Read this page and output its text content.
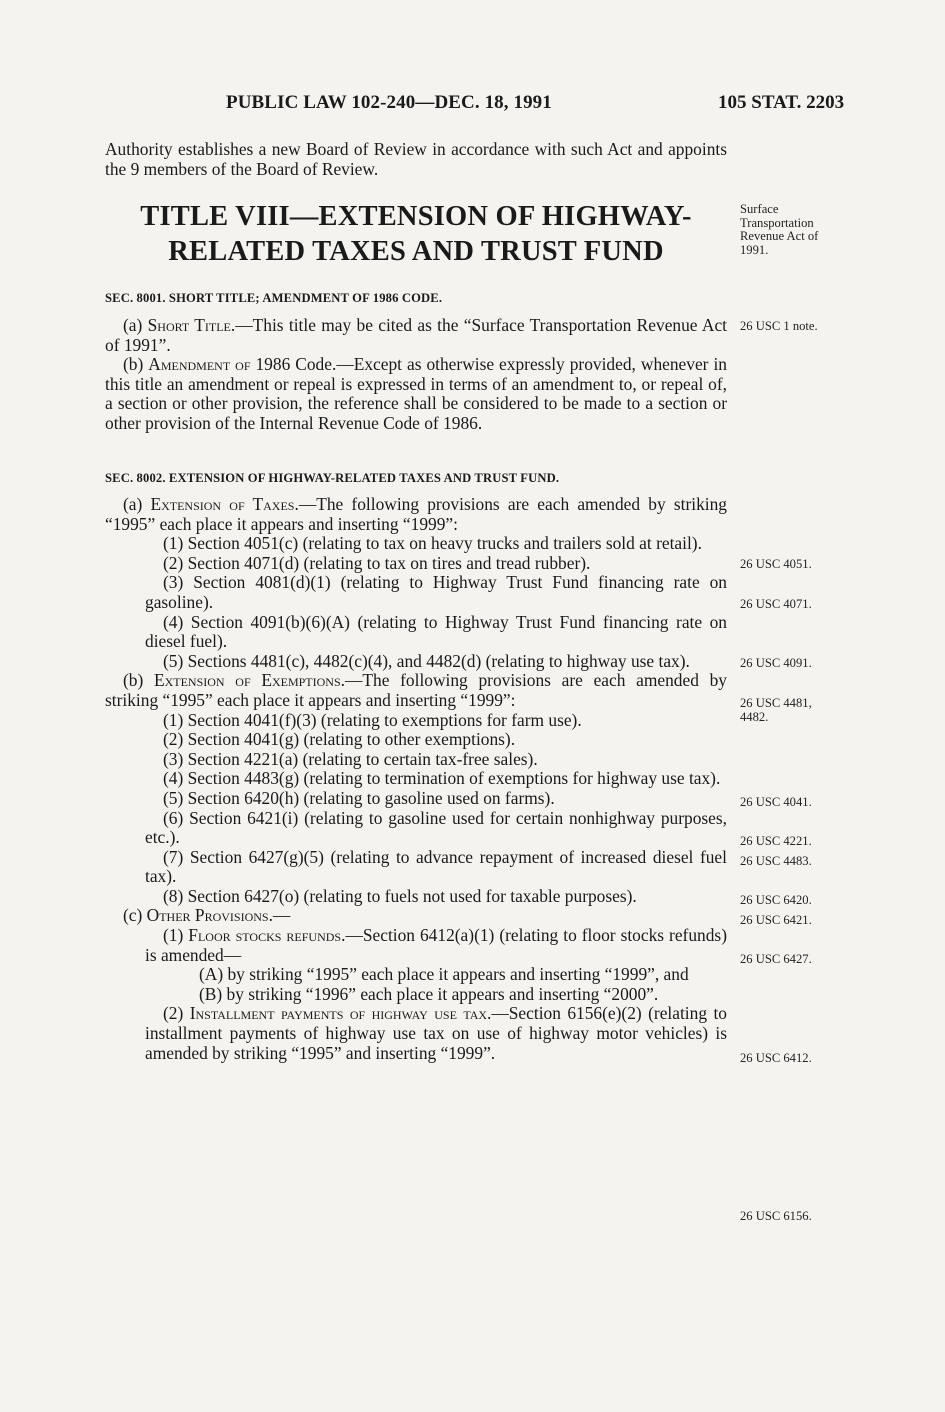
PUBLIC LAW 102-240—DEC. 18, 1991	105 STAT. 2203

Authority establishes a new Board of Review in accordance with such Act and appoints the 9 members of the Board of Review.

TITLE VIII—EXTENSION OF HIGHWAY-
RELATED TAXES AND TRUST FUND
Surface
Transportation
Revenue Act of
1991.
SEC. 8001. SHORT TITLE; AMENDMENT OF 1986 CODE.

(a) Short Title.—This title may be cited as the “Surface Transportation Revenue Act of 1991”.

(b) Amendment of 1986 Code.—Except as otherwise expressly provided, whenever in this title an amendment or repeal is expressed in terms of an amendment to, or repeal of, a section or other provision, the reference shall be considered to be made to a section or other provision of the Internal Revenue Code of 1986.

26 USC 1 note.
SEC. 8002. EXTENSION OF HIGHWAY-RELATED TAXES AND TRUST FUND.

(a) Extension of Taxes.—The following provisions are each amended by striking “1995” each place it appears and inserting “1999”:

(1) Section 4051(c) (relating to tax on heavy trucks and trailers sold at retail).

(2) Section 4071(d) (relating to tax on tires and tread rubber).

(3) Section 4081(d)(1) (relating to Highway Trust Fund financing rate on gasoline).

(4) Section 4091(b)(6)(A) (relating to Highway Trust Fund financing rate on diesel fuel).

(5) Sections 4481(c), 4482(c)(4), and 4482(d) (relating to highway use tax).

(b) Extension of Exemptions.—The following provisions are each amended by striking “1995” each place it appears and inserting “1999”:

(1) Section 4041(f)(3) (relating to exemptions for farm use).

(2) Section 4041(g) (relating to other exemptions).

(3) Section 4221(a) (relating to certain tax-free sales).

(4) Section 4483(g) (relating to termination of exemptions for highway use tax).

(5) Section 6420(h) (relating to gasoline used on farms).

(6) Section 6421(i) (relating to gasoline used for certain nonhighway purposes, etc.).

(7) Section 6427(g)(5) (relating to advance repayment of increased diesel fuel tax).

(8) Section 6427(o) (relating to fuels not used for taxable purposes).

(c) Other Provisions.—

(1) Floor stocks refunds.—Section 6412(a)(1) (relating to floor stocks refunds) is amended—

(A) by striking “1995” each place it appears and inserting “1999”, and

(B) by striking “1996” each place it appears and inserting “2000”.

(2) Installment payments of highway use tax.—Section 6156(e)(2) (relating to installment payments of highway use tax on use of highway motor vehicles) is amended by striking “1995” and inserting “1999”.

26 USC 4051.
26 USC 4071.
26 USC 4091.
26 USC 4481,
4482.
26 USC 4041.
26 USC 4221.
26 USC 4483.
26 USC 6420.
26 USC 6421.
26 USC 6427.
26 USC 6412.
26 USC 6156.
